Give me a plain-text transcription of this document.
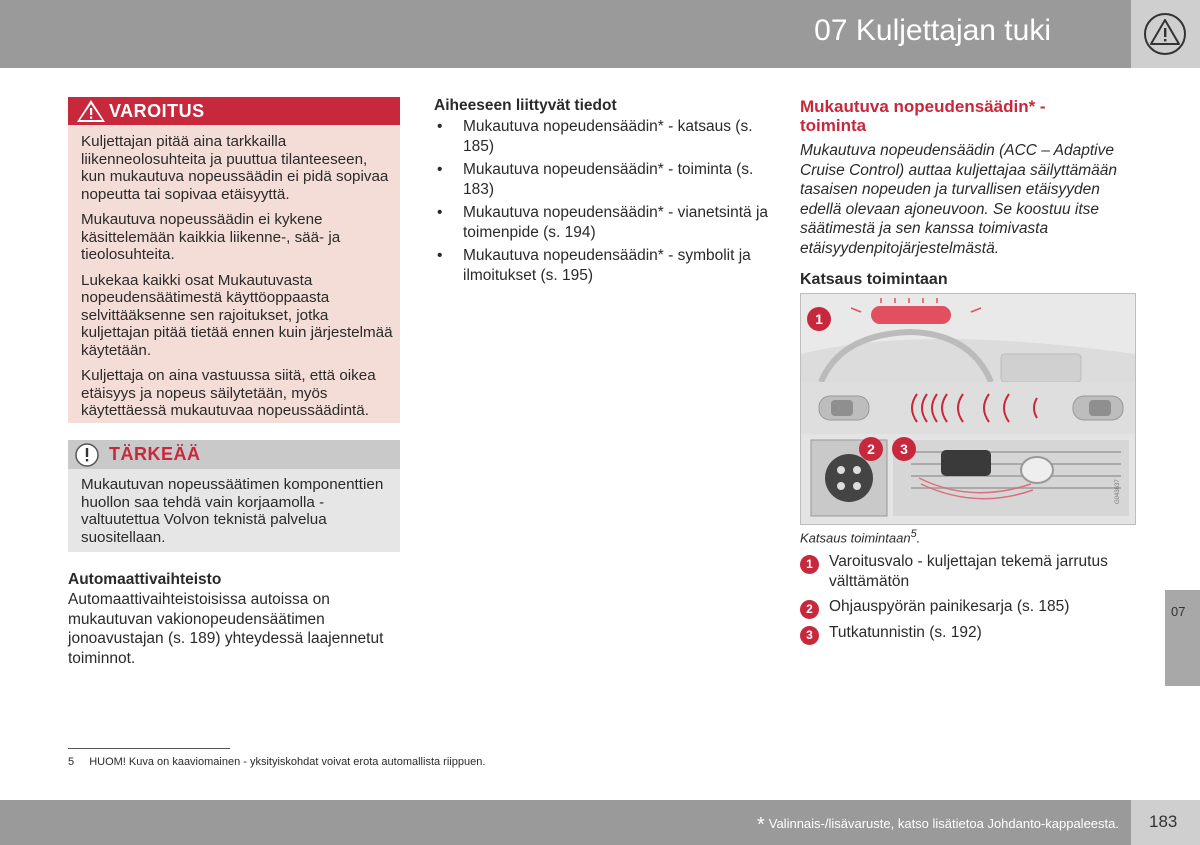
07 Kuljettajan tuki
07
VAROITUS

Kuljettajan pitää aina tarkkailla liikenneolosuhteita ja puuttua tilanteeseen, kun mukautuva nopeussäädin ei pidä sopivaa nopeutta tai sopivaa etäisyyttä.

Mukautuva nopeussäädin ei kykene käsittelemään kaikkia liikenne-, sää- ja tieolosuhteita.

Lukekaa kaikki osat Mukautuvasta nopeudensäätimestä käyttöoppaasta selvittääksenne sen rajoitukset, jotka kuljettajan pitää tietää ennen kuin järjestelmää käytetään.

Kuljettaja on aina vastuussa siitä, että oikea etäisyys ja nopeus säilytetään, myös käytettäessä mukautuvaa nopeussäädintä.

TÄRKEÄÄ
Mukautuvan nopeussäätimen komponenttien huollon saa tehdä vain korjaamolla - valtuutettua Volvon teknistä palvelua suositellaan.
Automaattivaihteisto
Automaattivaihteistoisissa autoissa on mukautuvan vakionopeudensäätimen jonoavustajan (s. 189) yhteydessä laajennetut toiminnot.
Aiheeseen liittyvät tiedot
• Mukautuva nopeudensäädin* - katsaus (s. 185)
• Mukautuva nopeudensäädin* - toiminta (s. 183)
• Mukautuva nopeudensäädin* - vianetsintä ja toimenpide (s. 194)
• Mukautuva nopeudensäädin* - symbolit ja ilmoitukset (s. 195)
Mukautuva nopeudensäädin* - toiminta
Mukautuva nopeudensäädin (ACC – Adaptive Cruise Control) auttaa kuljettajaa säilyttämään tasaisen nopeuden ja turvallisen etäisyyden edellä olevaan ajoneuvoon. Se koostuu itse säätimestä ja sen kanssa toimivasta etäisyydenpitojärjestelmästä.
Katsaus toimintaan
G043637
1
2 3
Katsaus toimintaan$^5$.
1	Varoitusvalo - kuljettajan tekemä jarrutus välttämätön
2	Ohjauspyörän painikesarja (s. 185)
3	Tutkatunnistin (s. 192)
5 HUOM! Kuva on kaaviomainen - yksityiskohdat voivat erota automallista riippuen.
* Valinnais-/lisävaruste, katso lisätietoa Johdanto-kappaleesta. 183
